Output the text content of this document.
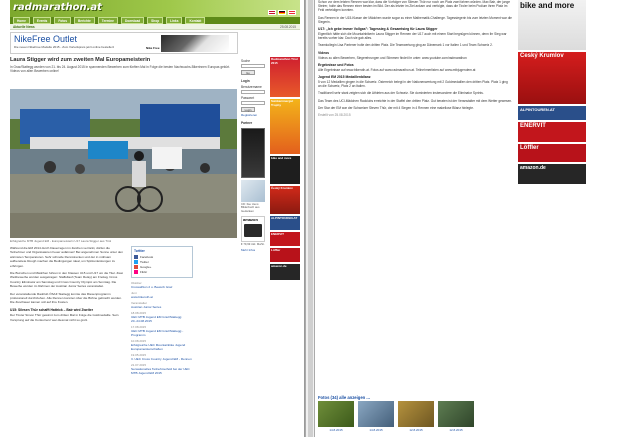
radmarathon.at
Home	Events	Fotos	Berichte	Termine	Download	Shop	Links	Kontakt
Aktuelle News	25.08.2015
NikeFree Outlet
Die neuen NikeFree Modelle 2015 - Zum Vorteilspreis jetzt online bestellen!	Nike Free
Laura Stigger wird zum zweiten Mal Europameisterin
In Graz/Stattegg wurden von 21. bis 24. August 2015 in spannenden Bewerben zum fünften Mal in Folge die besten Nachwuchs-Bikerinnen Europas gekürt. Videos von allen Bewerben online!
Erfolgreiche MTB Jugend EM - Europameisterin U17 Laura Stigger aus Tirol

Während die EM 2014 durch Dauerregen im Zeichen verrückt, dürfen die Teilnehmer und Organisatoren heuer aufatmen! Bei angenehmen Sonne unter den wärmsten Temperaturen. Sehr schnelle Rennstrecken und der in mühsam aufbereitete Rough machen die Bedingungen ideal, um Spitzenleistungen zu erbringen.

Die Burschen und Mädchen fuhren in den Klassen U15 und U17 um die Titel. Zwei Wettbewerbe wurden ausgetragen: Staffellauf (Team Relay) am Freitag, Cross Country Eliminator am Samstag und Cross Country Olympic am Sonntag. Die Bewerbe wurden im Rahmen der Austrian Junior Series veranstaltet.

Der veranstaltende Radclub ÖSAF Stattegg konnte das Riesenprogramm professionell durchziehen. Alle Rennen konnten über die Bühne gebracht werden. Die Zuschauer kamen voll auf ihre Kosten.

U15: Silesen Thür schafft Hattrick – Bair wird Zweiter

Der Tiroler Simon Thür gewinnt zum dritten Mal in Folge die Goldmedaille. Sein Vorsprung auf die Konkurrenz war diesmal nicht so groß.

Twitter
Facebook
Twitter
Google+
Flickr
Oktober
Crossathlon 2 u. Bewerb Graz
Juni
www.bikeroth.at
Veranstalter
Austrian Junior Series
18.08.2015
UEC MTB Jugend EM Graz/Stattegg 20.-24.08.2015
17.08.2015
UEC MTB Jugend EM Graz/Stattegg - Programm
10.08.2015
Erfolgreiche UEC Mountainbike Jugend Europameisterschaften
19.05.2015
3. UEC Cross Country Jugend EM - Rennen
21.07.2015
Sensationelles Teilnehmerfeld bei der UEC MTB Jugend EM 2015
Suche
Go
Login
Benutzername
Passwort
Login
Registrieren
Partner
CD: Ilse Ueco: Bilderbuch aus Gedanken
amazon
€ 79,99 inkl. MwSt.
Mehr Infos
Radmarathon Tirol 2015
Salzkammergut Trophy
bike and more
Český Krumlov
ALPINTOUREN.AT
ENERVIT
Löffler
amazon.de

Schon vor dem letzten Rennen war klar, dass die Vorfolger von Silesen Thür nur noch um Platz zwei fahren würden. Max Bair, der junge Steirer, holte das Rennen einer besten im Bild. Der als letzter im Ziel ankam und verfolgte, dass die Tiroler beim Podium ihren Platz im Feld verteidigen konnten.

Das Rennen in der U15-Klasse der Mädchen wurde sogar zu einer Mathematik-Challenge. Tagessiegerin bis zum letzten Moment war die Siegerin.

U17: „Ich gebe immer Vollgas": Tagessieg & Gesamtsieg für Laura Stigger

Eigentlich hätte sich die Mountainbikerin Laura Stigger im Rennen der U17 auch mit einem Start begnügen können, denn ihr Sieg war bereits vorher klar. Doch sie gab alles.

Teamkollegin Lisa Partener holte den dritten Platz. Die Teamwertung ging an Dänemark 1 vor Italien 1 und Team Schweiz 2.

Videos

Videos zu allen Bewerben, Siegerehrungen und Stimmen findet ihr unter: www.youtube.com/radmarathon

Ergebnisse und Fotos

Alle Ergebnisse auf www.bikeroth.at. Fotos auf www.radmarathon.at. Teilnehmerlisten auf www.mtbjugendem.at

Jugend EM 2015 Medaillenbilanz

5 von 12 Medaillen gingen in die Schweiz. Österreich belegt in der Nationenwertung mit 2 Goldmedaillen den dritten Platz. Platz 1 ging an die Schweiz, Platz 2 an Italien.

Traditionell sehr stark zeigten sich die Athleten aus der Schweiz. Sie dominierten insbesondere die Eliminator Sprints.

Das Team des UCI-Mädchen Radclubs erreichte in der Staffel den dritten Platz. Gut beraten ist der Veranstalter mit dem Wetter gewesen.

Der Star der EM war der Schweizer Steven Thür, der mit 4 Siegen in 4 Rennen eine makellose Bilanz hinlegte.

Erstellt von 25.08.2015

bike and more
Český Krumlov
ALPINTOUREN.AT
ENERVIT
Löffler
amazon.de
Fotos (34) alle anzeigen ...
14.8.2015	14.8.2015	12.8.2015	12.8.2015
